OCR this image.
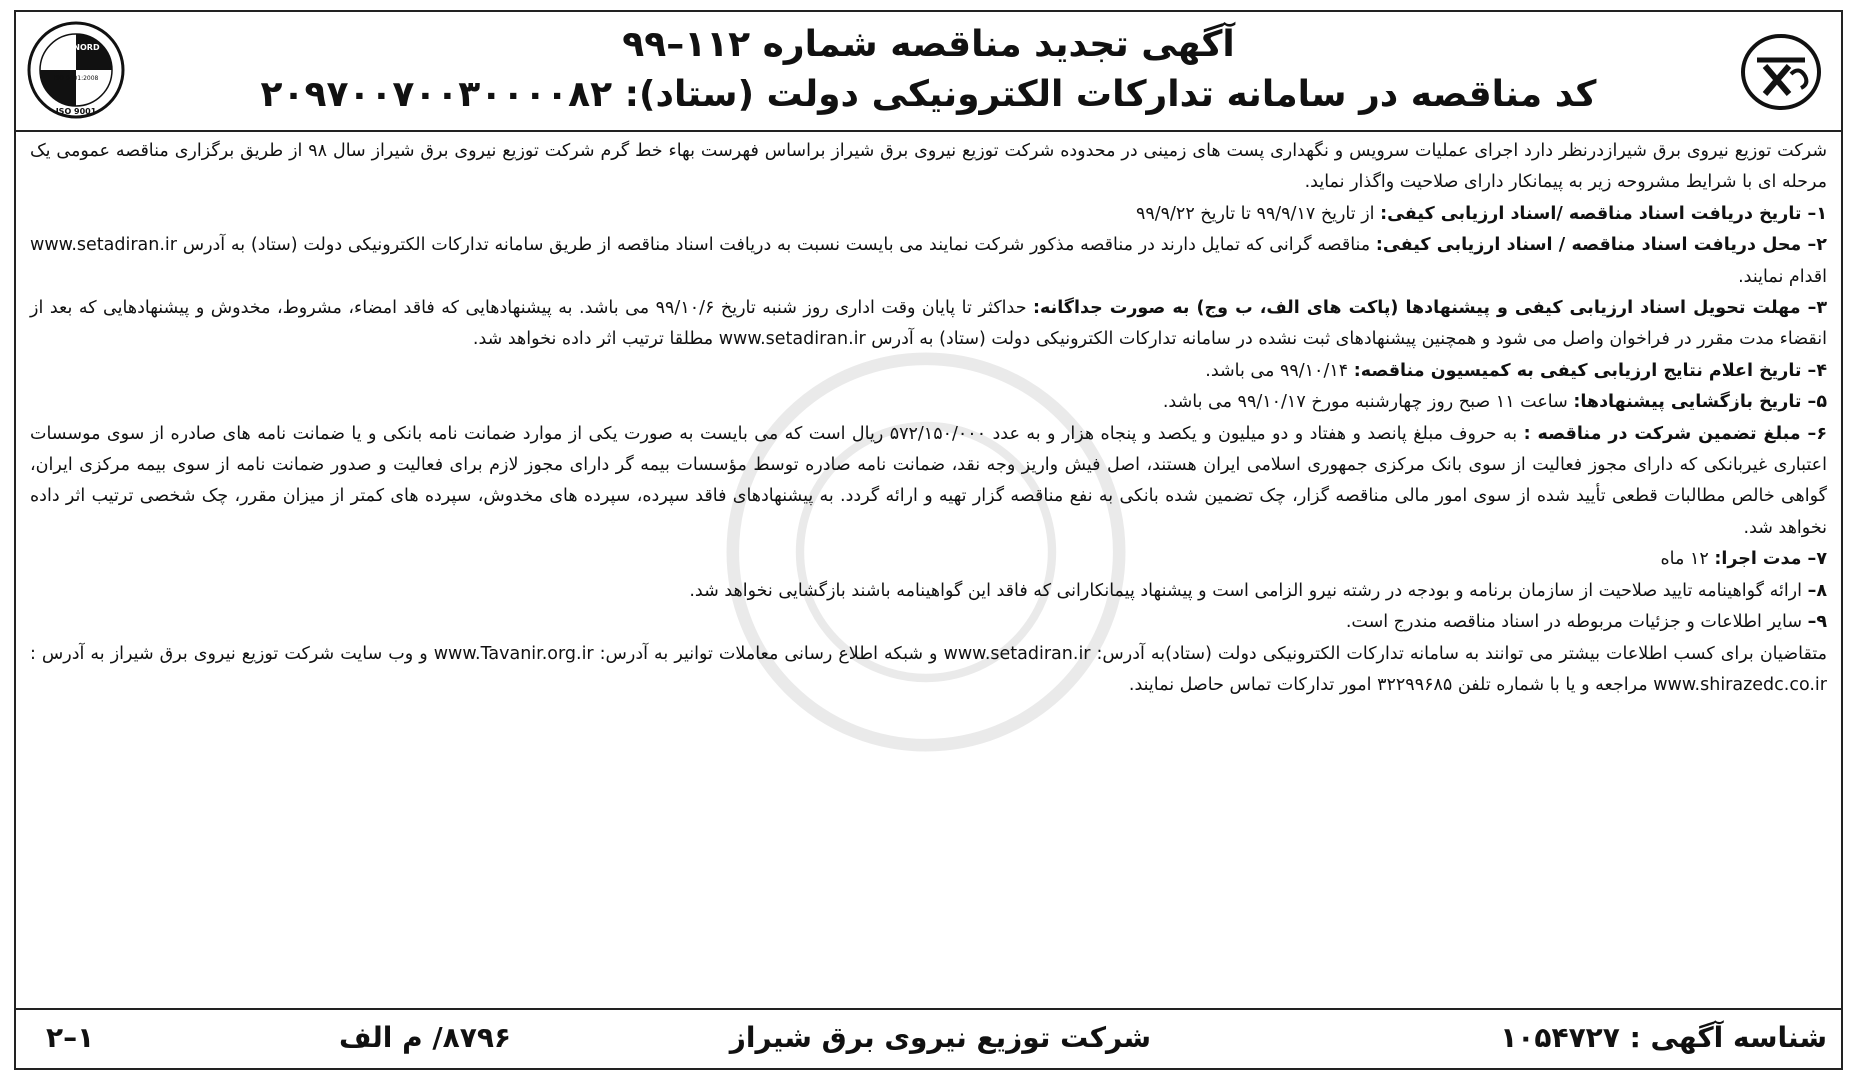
TÜV NORD
ISO 9001:2008
ISO 9001
آگهی تجدید مناقصه شماره ۱۱۲–۹۹
کد مناقصه در سامانه تدارکات الکترونیکی دولت (ستاد): ۲۰۹۷۰۰۷۰۰۳۰۰۰۰۸۲

شرکت توزیع نیروی برق شیرازدرنظر دارد اجرای عملیات سرویس و نگهداری پست های زمینی در محدوده شرکت توزیع نیروی برق شیراز براساس فهرست بهاء خط گرم شرکت توزیع نیروی برق شیراز سال ۹۸ از طریق برگزاری مناقصه عمومی یک مرحله ای با شرایط مشروحه زیر به پیمانکار دارای صلاحیت واگذار نماید.

۱– تاریخ دریافت اسناد مناقصه /اسناد ارزیابی کیفی: از تاریخ ۹۹/۹/۱۷ تا تاریخ ۹۹/۹/۲۲

۲– محل دریافت اسناد مناقصه / اسناد ارزیابی کیفی: مناقصه گرانی که تمایل دارند در مناقصه مذکور شرکت نمایند می بایست نسبت به دریافت اسناد مناقصه از طریق سامانه تدارکات الکترونیکی دولت (ستاد) به آدرس www.setadiran.ir اقدام نمایند.

۳– مهلت تحویل اسناد ارزیابی کیفی و پیشنهادها (پاکت های الف، ب وج) به صورت جداگانه: حداکثر تا پایان وقت اداری روز شنبه تاریخ ۹۹/۱۰/۶ می باشد. به پیشنهادهایی که فاقد امضاء، مشروط، مخدوش و پیشنهادهایی که بعد از انقضاء مدت مقرر در فراخوان واصل می شود و همچنین پیشنهادهای ثبت نشده در سامانه تدارکات الکترونیکی دولت (ستاد) به آدرس www.setadiran.ir مطلقا ترتیب اثر داده نخواهد شد.

۴– تاریخ اعلام نتایج ارزیابی کیفی به کمیسیون مناقصه: ۹۹/۱۰/۱۴ می باشد.

۵– تاریخ بازگشایی پیشنهادها: ساعت ۱۱ صبح روز چهارشنبه مورخ ۹۹/۱۰/۱۷ می باشد.

۶– مبلغ تضمین شرکت در مناقصه : به حروف مبلغ پانصد و هفتاد و دو میلیون و یکصد و پنجاه هزار و به عدد ۵۷۲/۱۵۰/۰۰۰ ریال است که می بایست به صورت یکی از موارد ضمانت نامه بانکی و یا ضمانت نامه های صادره از سوی موسسات اعتباری غیربانکی که دارای مجوز فعالیت از سوی بانک مرکزی جمهوری اسلامی ایران هستند، اصل فیش واریز وجه نقد، ضمانت نامه صادره توسط مؤسسات بیمه گر دارای مجوز لازم برای فعالیت و صدور ضمانت نامه از سوی بیمه مرکزی ایران، گواهی خالص مطالبات قطعی تأیید شده از سوی امور مالی مناقصه گزار، چک تضمین شده بانکی به نفع مناقصه گزار تهیه و ارائه گردد. به پیشنهادهای فاقد سپرده، سپرده های مخدوش، سپرده های کمتر از میزان مقرر، چک شخصی ترتیب اثر داده نخواهد شد.

۷– مدت اجرا: ۱۲ ماه

۸– ارائه گواهینامه تایید صلاحیت از سازمان برنامه و بودجه در رشته نیرو الزامی است و پیشنهاد پیمانکارانی که فاقد این گواهینامه باشند بازگشایی نخواهد شد.

۹– سایر اطلاعات و جزئیات مربوطه در اسناد مناقصه مندرج است.

متقاضیان برای کسب اطلاعات بیشتر می توانند به سامانه تدارکات الکترونیکی دولت (ستاد)به آدرس: www.setadiran.ir و شبکه اطلاع رسانی معاملات توانیر به آدرس: www.Tavanir.org.ir و وب سایت شرکت توزیع نیروی برق شیراز به آدرس : www.shirazedc.co.ir مراجعه و یا با شماره تلفن ۳۲۲۹۹۶۸۵ امور تدارکات تماس حاصل نمایند.

شناسه آگهی : ۱۰۵۴۷۲۷
شرکت توزیع نیروی برق شیراز
۸۷۹۶/ م الف
۱–۲
